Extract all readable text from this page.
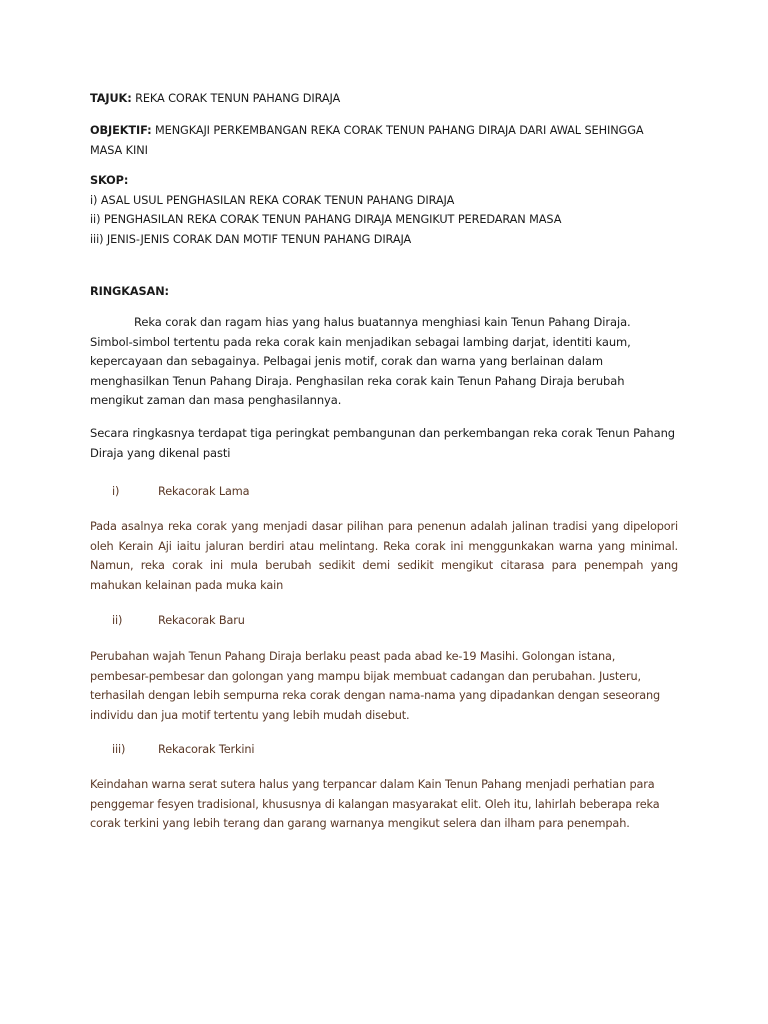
TAJUK: REKA CORAK TENUN PAHANG DIRAJA
OBJEKTIF: MENGKAJI PERKEMBANGAN REKA CORAK TENUN PAHANG DIRAJA DARI AWAL SEHINGGA MASA KINI
SKOP:
i) ASAL USUL PENGHASILAN REKA CORAK TENUN PAHANG DIRAJA
ii) PENGHASILAN REKA CORAK TENUN PAHANG DIRAJA MENGIKUT PEREDARAN MASA
iii) JENIS-JENIS CORAK DAN MOTIF TENUN PAHANG DIRAJA
RINGKASAN:
Reka corak dan ragam hias yang halus buatannya menghiasi kain Tenun Pahang Diraja. Simbol-simbol tertentu pada reka corak kain menjadikan sebagai lambing darjat, identiti kaum, kepercayaan dan sebagainya. Pelbagai jenis motif, corak dan warna yang berlainan dalam menghasilkan Tenun Pahang Diraja. Penghasilan reka corak kain Tenun Pahang Diraja berubah mengikut zaman dan masa penghasilannya.
Secara ringkasnya terdapat tiga peringkat pembangunan dan perkembangan reka corak Tenun Pahang Diraja yang dikenal pasti
i)	Rekacorak Lama
Pada asalnya reka corak yang menjadi dasar pilihan para penenun adalah jalinan tradisi yang dipelopori oleh Kerain Aji iaitu jaluran berdiri atau melintang. Reka corak ini menggunkakan warna yang minimal. Namun, reka corak ini mula berubah sedikit demi sedikit mengikut citarasa para penempah yang mahukan kelainan pada muka kain
ii)	Rekacorak Baru
Perubahan wajah Tenun Pahang Diraja berlaku peast pada abad ke-19 Masihi. Golongan istana, pembesar-pembesar dan golongan yang mampu bijak membuat cadangan dan perubahan. Justeru, terhasilah dengan lebih sempurna reka corak dengan nama-nama yang dipadankan dengan seseorang individu dan jua motif tertentu yang lebih mudah disebut.
iii)	Rekacorak Terkini
Keindahan warna serat sutera halus yang terpancar dalam Kain Tenun Pahang menjadi perhatian para penggemar fesyen tradisional, khususnya di kalangan masyarakat elit. Oleh itu, lahirlah beberapa reka corak terkini yang lebih terang dan garang warnanya mengikut selera dan ilham para penempah.
